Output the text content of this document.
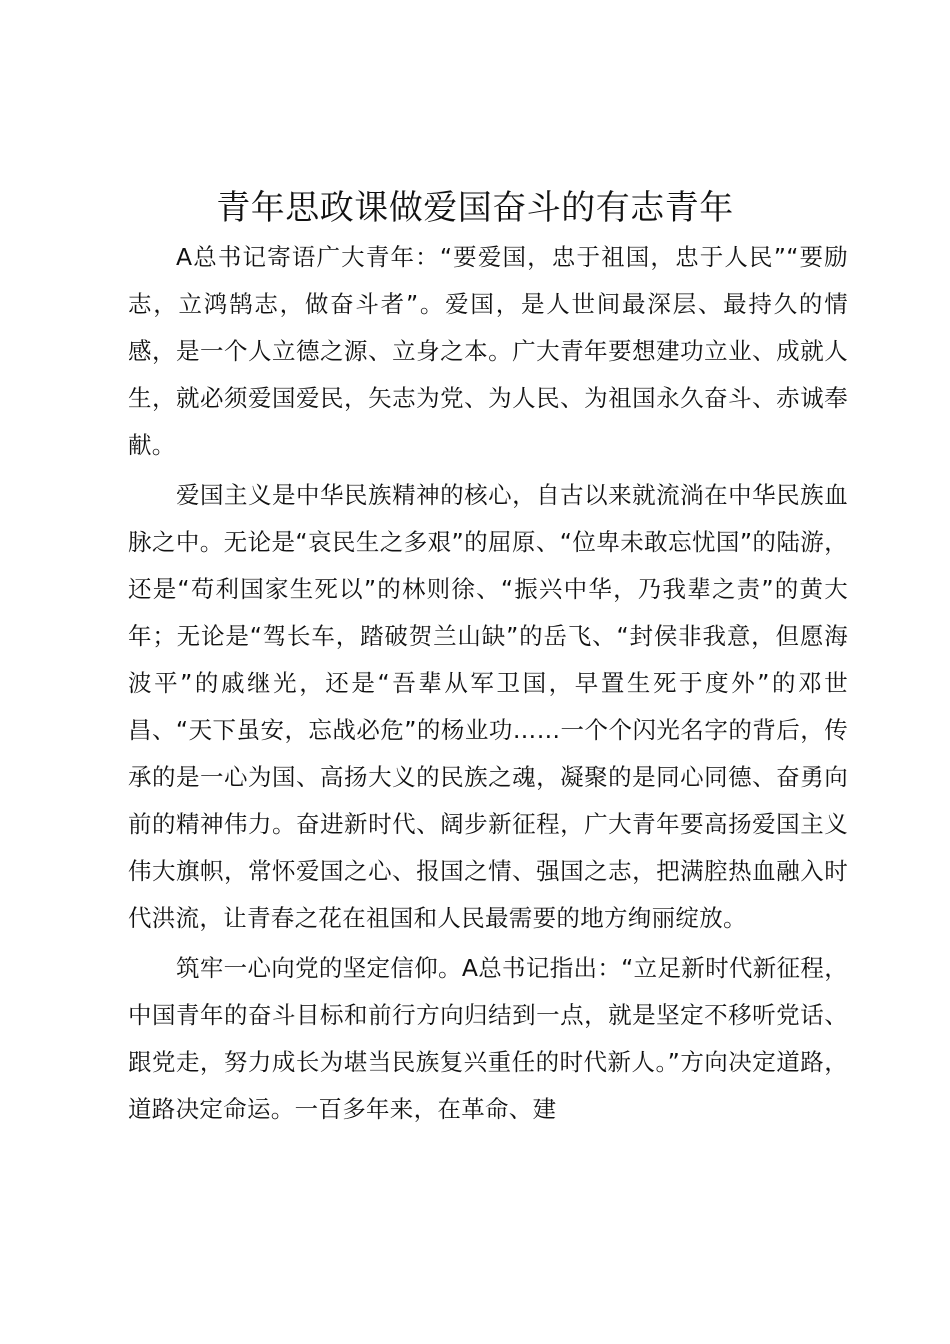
青年思政课做爱国奋斗的有志青年

A总书记寄语广大青年：“要爱国，忠于祖国，忠于人民”“要励志，立鸿鹄志，做奋斗者”。爱国，是人世间最深层、最持久的情感，是一个人立德之源、立身之本。广大青年要想建功立业、成就人生，就必须爱国爱民，矢志为党、为人民、为祖国永久奋斗、赤诚奉献。

爱国主义是中华民族精神的核心，自古以来就流淌在中华民族血脉之中。无论是“哀民生之多艰”的屈原、“位卑未敢忘忧国”的陆游，还是“苟利国家生死以”的林则徐、“振兴中华，乃我辈之责”的黄大年；无论是“驾长车，踏破贺兰山缺”的岳飞、“封侯非我意，但愿海波平”的戚继光，还是“吾辈从军卫国，早置生死于度外”的邓世昌、“天下虽安，忘战必危”的杨业功……一个个闪光名字的背后，传承的是一心为国、高扬大义的民族之魂，凝聚的是同心同德、奋勇向前的精神伟力。奋进新时代、阔步新征程，广大青年要高扬爱国主义伟大旗帜，常怀爱国之心、报国之情、强国之志，把满腔热血融入时代洪流，让青春之花在祖国和人民最需要的地方绚丽绽放。

筑牢一心向党的坚定信仰。A总书记指出：“立足新时代新征程，中国青年的奋斗目标和前行方向归结到一点，就是坚定不移听党话、跟党走，努力成长为堪当民族复兴重任的时代新人。”方向决定道路，道路决定命运。一百多年来，在革命、建
